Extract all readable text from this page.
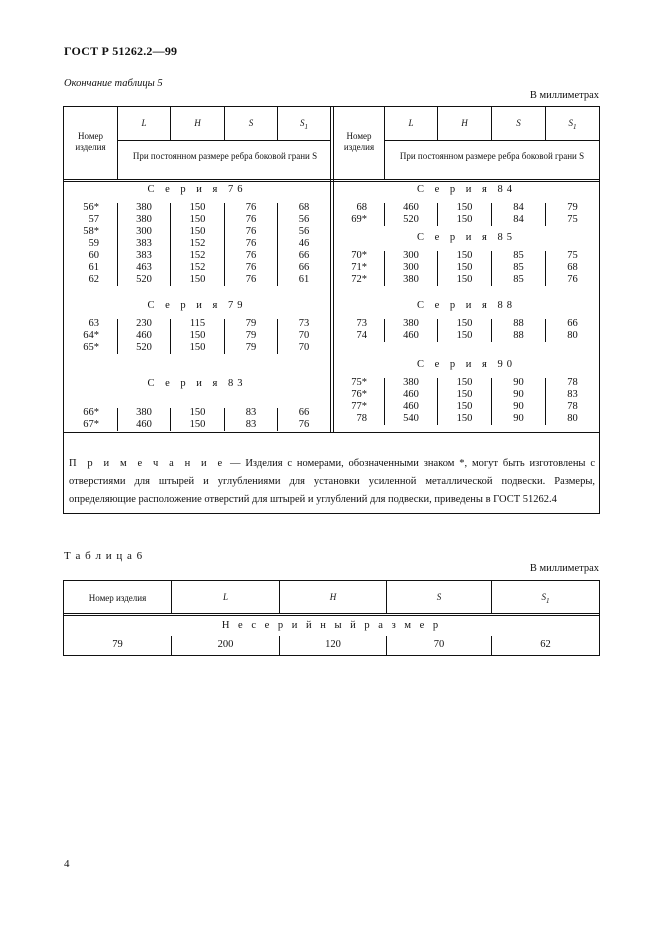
ГОСТ Р 51262.2—99
Окончание таблицы 5
В миллиметрах
Номер изделия
Номер изделия
L	H	S	$S_1$	L	H	S	$S_1$
При постоянном размере ребра боковой грани S	При постоянном размере ребра боковой грани S
П р и м е ч а н и е — Изделия с номерами, обозначенными знаком *, могут быть изготовлены с отверстиями для штырей и углублениями для установки усиленной металлической подвески. Размеры, определяющие расположение отверстий для штырей и углублений для подвески, приведены в ГОСТ 51262.4
Т а б л и ц а 6
В миллиметрах
Номер изделия	L	H	S	$S_1$
Н е с е р и й н ы й р а з м е р
79	200	120	70	62
4
С е р и я 76
56*	380	150	76	68
57	380	150	76	56
58*	300	150	76	56
59	383	152	76	46
60	383	152	76	66
61	463	152	76	66
62	520	150	76	61
С е р и я 79
63	230	115	79	73
64*	460	150	79	70
65*	520	150	79	70
С е р и я 83
66*	380	150	83	66
67*	460	150	83	76
С е р и я 84
68	460	150	84	79
69*	520	150	84	75
С е р и я 85
70*	300	150	85	75
71*	300	150	85	68
72*	380	150	85	76
С е р и я 88
73	380	150	88	66
74	460	150	88	80
С е р и я 90
75*	380	150	90	78
76*	460	150	90	83
77*	460	150	90	78
78	540	150	90	80
